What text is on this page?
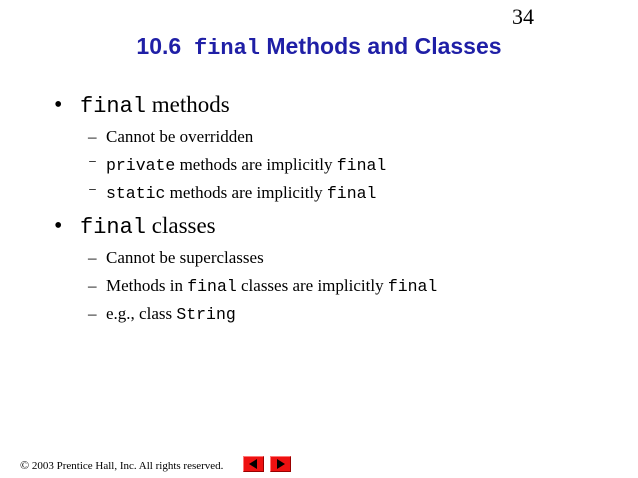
34
10.6 final Methods and Classes
• final methods
– Cannot be overridden
⁻ private methods are implicitly final
⁻ static methods are implicitly final
• final classes
– Cannot be superclasses
– Methods in final classes are implicitly final
– e.g., class String
© 2003 Prentice Hall, Inc. All rights reserved.
